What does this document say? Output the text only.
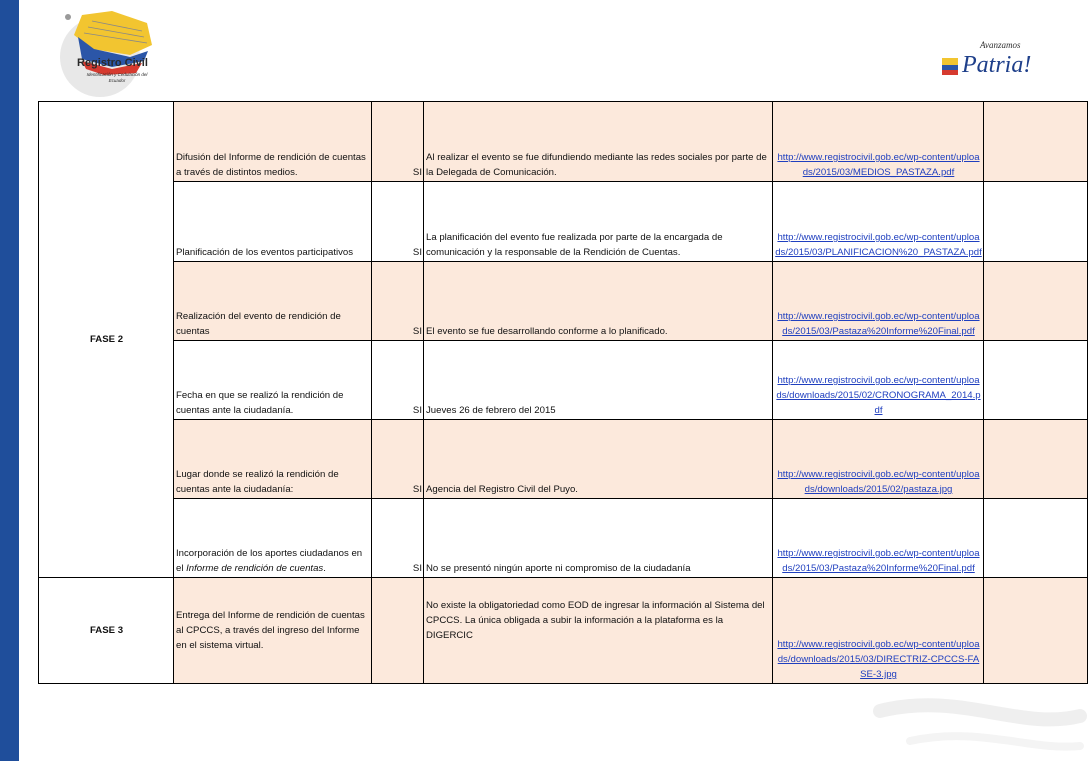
Registro Civil
Identificación y Cedulación del Ecuador
Avanzamos
Patria!
FASE 2	Difusión del Informe de rendición de cuentas a través de distintos medios.	SI	Al realizar el evento se fue difundiendo mediante las redes sociales por parte de la Delegada de Comunicación.	http://www.registrocivil.gob.ec/wp-content/uploads/2015/03/MEDIOS_PASTAZA.pdf	
	Planificación de los eventos participativos	SI	La planificación del evento fue realizada por parte de la encargada de comunicación y la responsable de la Rendición de Cuentas.	http://www.registrocivil.gob.ec/wp-content/uploads/2015/03/PLANIFICACION%20_PASTAZA.pdf	
	Realización del evento de rendición de cuentas	SI	El evento se fue desarrollando conforme a lo planificado.	http://www.registrocivil.gob.ec/wp-content/uploads/2015/03/Pastaza%20Informe%20Final.pdf	
	Fecha en que se realizó la rendición de cuentas ante la ciudadanía.	SI	Jueves 26 de febrero del 2015	http://www.registrocivil.gob.ec/wp-content/uploads/downloads/2015/02/CRONOGRAMA_2014.pdf	
	Lugar donde se realizó la rendición de cuentas ante la ciudadanía:	SI	Agencia del Registro Civil del Puyo.	http://www.registrocivil.gob.ec/wp-content/uploads/downloads/2015/02/pastaza.jpg	
	Incorporación de los aportes ciudadanos en el Informe de rendición de cuentas.	SI	No se presentó ningún aporte ni compromiso de la ciudadanía	http://www.registrocivil.gob.ec/wp-content/uploads/2015/03/Pastaza%20Informe%20Final.pdf	
FASE 3	Entrega del Informe de rendición de cuentas al CPCCS, a través del ingreso del Informe en el sistema virtual.		No existe la obligatoriedad como EOD de ingresar la información al Sistema del CPCCS. La única obligada a subir la información a la plataforma es la DIGERCIC	http://www.registrocivil.gob.ec/wp-content/uploads/downloads/2015/03/DIRECTRIZ-CPCCS-FASE-3.jpg	
